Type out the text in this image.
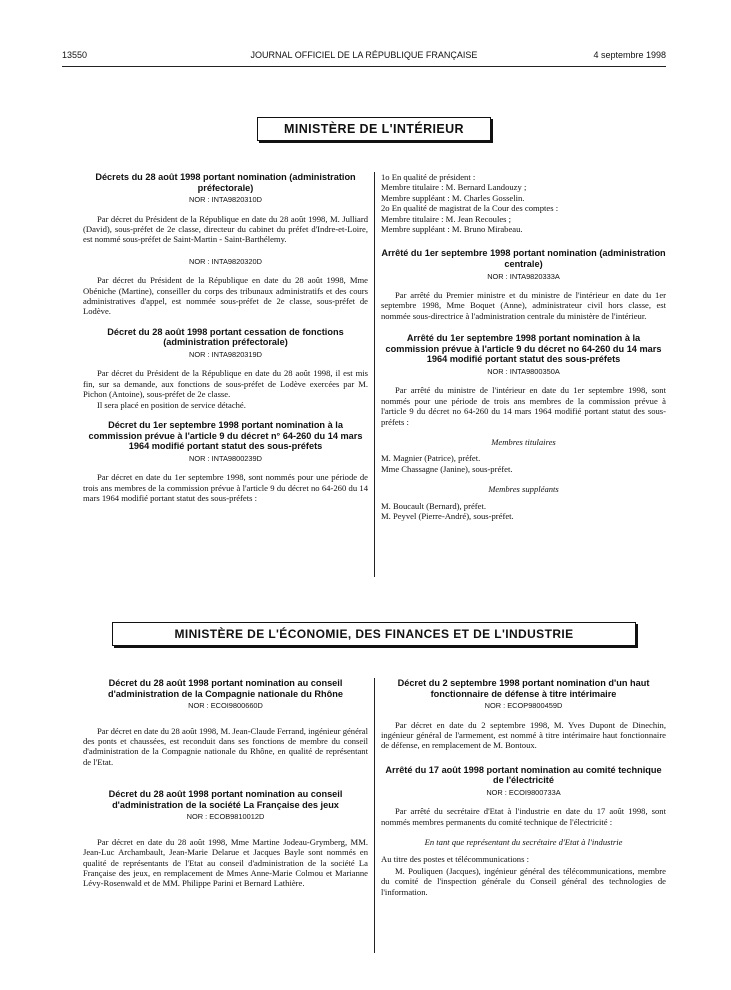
13550	JOURNAL OFFICIEL DE LA RÉPUBLIQUE FRANÇAISE	4 septembre 1998
MINISTÈRE DE L'INTÉRIEUR
Décrets du 28 août 1998 portant nomination (administration préfectorale)
NOR : INTA9820310D

Par décret du Président de la République en date du 28 août 1998, M. Julliard (David), sous-préfet de 2e classe, directeur du cabinet du préfet d'Indre-et-Loire, est nommé sous-préfet de Saint-Martin - Saint-Barthélemy.

NOR : INTA9820320D

Par décret du Président de la République en date du 28 août 1998, Mme Obéniche (Martine), conseiller du corps des tribunaux administratifs et des cours administratives d'appel, est nommée sous-préfet de 2e classe, sous-préfet de Lodève.

Décret du 28 août 1998 portant cessation de fonctions (administration préfectorale)
NOR : INTA9820319D

Par décret du Président de la République en date du 28 août 1998, il est mis fin, sur sa demande, aux fonctions de sous-préfet de Lodève exercées par M. Pichon (Antoine), sous-préfet de 2e classe.

Il sera placé en position de service détaché.

Décret du 1er septembre 1998 portant nomination à la commission prévue à l'article 9 du décret n° 64-260 du 14 mars 1964 modifié portant statut des sous-préfets
NOR : INTA9800239D

Par décret en date du 1er septembre 1998, sont nommés pour une période de trois ans membres de la commission prévue à l'article 9 du décret no 64-260 du 14 mars 1964 modifié portant statut des sous-préfets :

1o En qualité de président :
Membre titulaire : M. Bernard Landouzy ;
Membre suppléant : M. Charles Gosselin.
2o En qualité de magistrat de la Cour des comptes :
Membre titulaire : M. Jean Recoules ;
Membre suppléant : M. Bruno Mirabeau.
Arrêté du 1er septembre 1998 portant nomination (administration centrale)
NOR : INTA9820333A

Par arrêté du Premier ministre et du ministre de l'intérieur en date du 1er septembre 1998, Mme Boquet (Anne), administrateur civil hors classe, est nommée sous-directrice à l'administration centrale du ministère de l'intérieur.

Arrêté du 1er septembre 1998 portant nomination à la commission prévue à l'article 9 du décret no 64-260 du 14 mars 1964 modifié portant statut des sous-préfets
NOR : INTA9800350A

Par arrêté du ministre de l'intérieur en date du 1er septembre 1998, sont nommés pour une période de trois ans membres de la commission prévue à l'article 9 du décret no 64-260 du 14 mars 1964 modifié portant statut des sous-préfets :

Membres titulaires
M. Magnier (Patrice), préfet.
Mme Chassagne (Janine), sous-préfet.
Membres suppléants
M. Boucault (Bernard), préfet.
M. Peyvel (Pierre-André), sous-préfet.
MINISTÈRE DE L'ÉCONOMIE, DES FINANCES ET DE L'INDUSTRIE
Décret du 28 août 1998 portant nomination au conseil d'administration de la Compagnie nationale du Rhône
NOR : ECOI9800660D

Par décret en date du 28 août 1998, M. Jean-Claude Ferrand, ingénieur général des ponts et chaussées, est reconduit dans ses fonctions de membre du conseil d'administration de la Compagnie nationale du Rhône, en qualité de représentant de l'Etat.

Décret du 28 août 1998 portant nomination au conseil d'administration de la société La Française des jeux
NOR : ECOB9810012D

Par décret en date du 28 août 1998, Mme Martine Jodeau-Grymberg, MM. Jean-Luc Archambault, Jean-Marie Delarue et Jacques Bayle sont nommés en qualité de représentants de l'Etat au conseil d'administration de la société La Française des jeux, en remplacement de Mmes Anne-Marie Colmou et Marianne Lévy-Rosenwald et de MM. Philippe Parini et Bernard Lathière.

Décret du 2 septembre 1998 portant nomination d'un haut fonctionnaire de défense à titre intérimaire
NOR : ECOP9800459D

Par décret en date du 2 septembre 1998, M. Yves Dupont de Dinechin, ingénieur général de l'armement, est nommé à titre intérimaire haut fonctionnaire de défense, en remplacement de M. Bontoux.

Arrêté du 17 août 1998 portant nomination au comité technique de l'électricité
NOR : ECOI9800733A

Par arrêté du secrétaire d'Etat à l'industrie en date du 17 août 1998, sont nommés membres permanents du comité technique de l'électricité :

En tant que représentant du secrétaire d'Etat à l'industrie
Au titre des postes et télécommunications :

M. Pouliquen (Jacques), ingénieur général des télécommunications, membre du comité de l'inspection générale du Conseil général des technologies de l'information.
